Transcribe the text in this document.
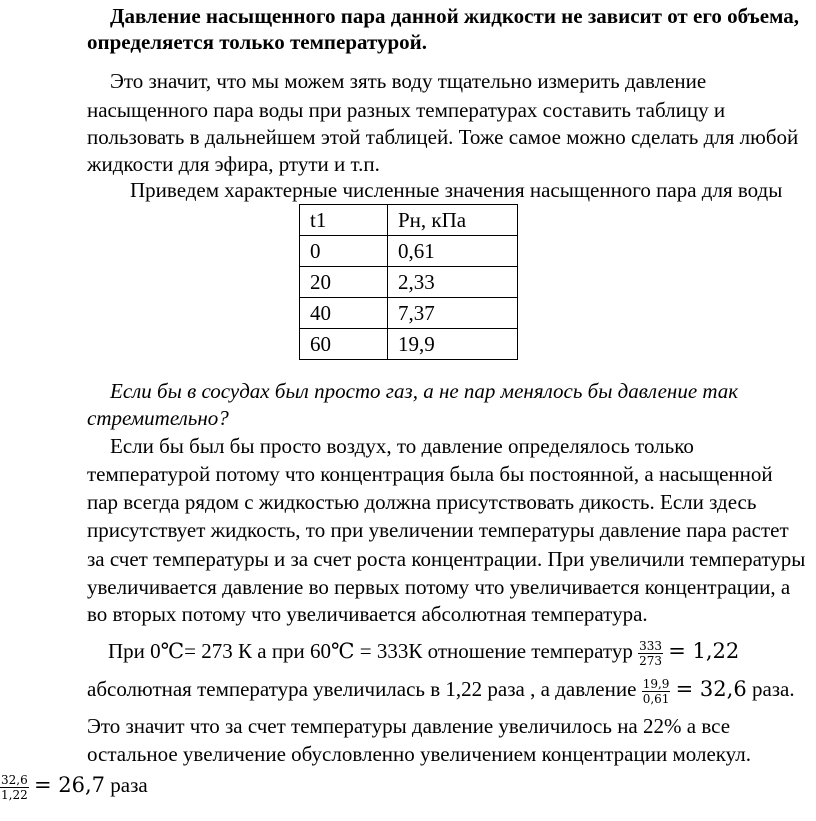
Давление насыщенного пара данной жидкости не зависит от его объема,
определяется только температурой.
Это значит, что мы можем зять воду тщательно измерить давление
насыщенного пара воды при разных температурах составить таблицу и
пользовать в дальнейшем этой таблицей. Тоже самое можно сделать для любой
жидкости для эфира, ртути и т.п.
Приведем характерные численные значения насыщенного пара для воды
t1	Pн, кПа
0	0,61
20	2,33
40	7,37
60	19,9
Если бы в сосудах был просто газ, а не пар менялось бы давление так
стремительно?
Если бы был бы просто воздух, то давление определялось только
температурой потому что концентрация была бы постоянной, а насыщенной
пар всегда рядом с жидкостью должна присутствовать дикость. Если здесь
присутствует жидкость, то при увеличении температуры давление пара растет
за счет температуры и за счет роста концентрации. При увеличили температуры
увеличивается давление во первых потому что увеличивается концентрации, а
во вторых потому что увеличивается абсолютная температура.
При 0℃= 273 К а при 60℃ = 333К отношение температур $\frac{333}{273} = 1,22$
абсолютная температура увеличилась в 1,22 раза , а давление $\frac{19,9}{0,61} = 32,6$ раза.
Это значит что за счет температуры давление увеличилось на 22% а все
остальное увеличение обусловленно увеличением концентрации молекул.
$\frac{32,6}{1,22} = 26,7$ раза
